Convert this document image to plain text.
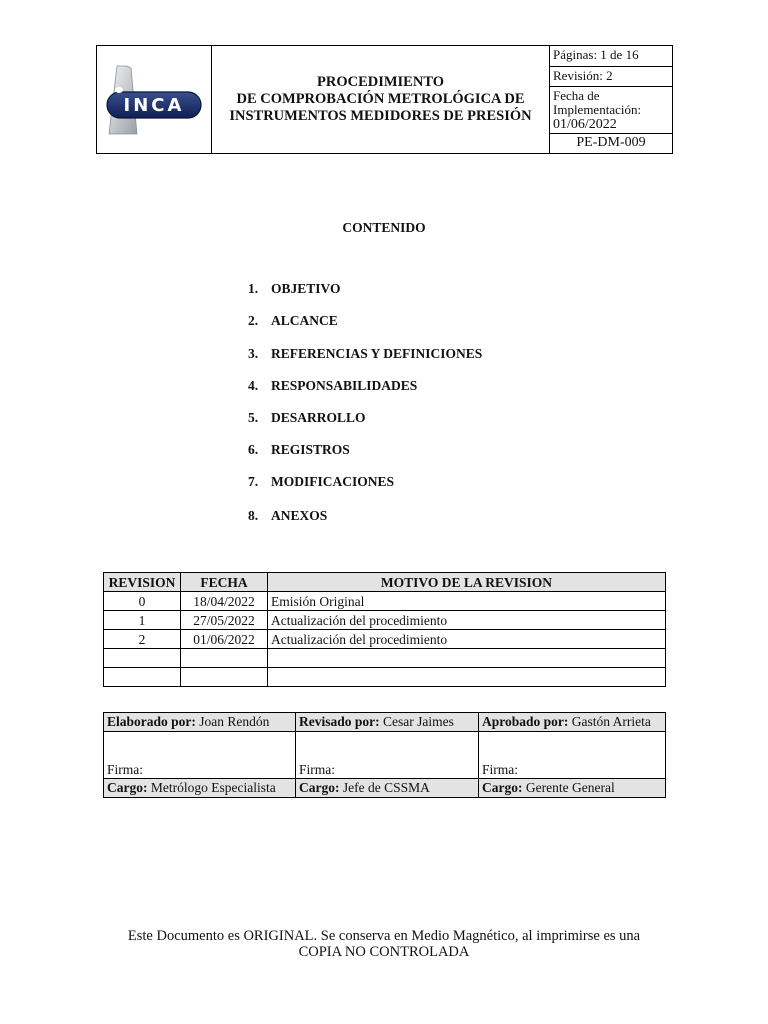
INCA
PROCEDIMIENTO
DE COMPROBACIÓN METROLÓGICA DE
INSTRUMENTOS MEDIDORES DE PRESIÓN
Páginas: 1 de 16
Revisión: 2
Fecha de
Implementación:
01/06/2022
PE-DM-009
CONTENIDO
1. OBJETIVO
2. ALCANCE
3. REFERENCIAS Y DEFINICIONES
4. RESPONSABILIDADES
5. DESARROLLO
6. REGISTROS
7. MODIFICACIONES
8. ANEXOS
REVISION	FECHA	MOTIVO DE LA REVISION
0	18/04/2022	Emisión Original
1	27/05/2022	Actualización del procedimiento
2	01/06/2022	Actualización del procedimiento

Elaborado por: Joan Rendón	Revisado por: Cesar Jaimes	Aprobado por: Gastón Arrieta
Firma:	Firma:	Firma:
Cargo: Metrólogo Especialista	Cargo: Jefe de CSSMA	Cargo: Gerente General
Este Documento es ORIGINAL. Se conserva en Medio Magnético, al imprimirse es una
COPIA NO CONTROLADA
